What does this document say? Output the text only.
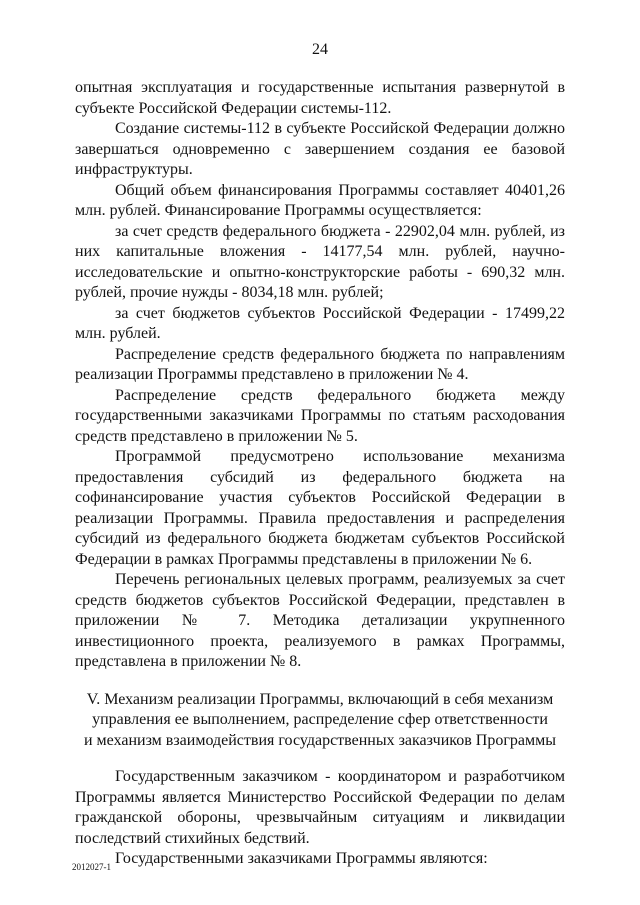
24

опытная эксплуатация и государственные испытания развернутой в субъекте Российской Федерации системы-112.

Создание системы-112 в субъекте Российской Федерации должно завершаться одновременно с завершением создания ее базовой инфраструктуры.

Общий объем финансирования Программы составляет 40401,26 млн. рублей. Финансирование Программы осуществляется:

за счет средств федерального бюджета - 22902,04 млн. рублей, из них капитальные вложения - 14177,54 млн. рублей, научно-исследовательские и опытно-конструкторские работы - 690,32 млн. рублей, прочие нужды - 8034,18 млн. рублей;

за счет бюджетов субъектов Российской Федерации - 17499,22 млн. рублей.

Распределение средств федерального бюджета по направлениям реализации Программы представлено в приложении № 4.

Распределение средств федерального бюджета между государственными заказчиками Программы по статьям расходования средств представлено в приложении № 5.

Программой предусмотрено использование механизма предоставления субсидий из федерального бюджета на софинансирование участия субъектов Российской Федерации в реализации Программы. Правила предоставления и распределения субсидий из федерального бюджета бюджетам субъектов Российской Федерации в рамках Программы представлены в приложении № 6.

Перечень региональных целевых программ, реализуемых за счет средств бюджетов субъектов Российской Федерации, представлен в приложении № 7. Методика детализации укрупненного инвестиционного проекта, реализуемого в рамках Программы, представлена в приложении № 8.

V. Механизм реализации Программы, включающий в себя механизм
управления ее выполнением, распределение сфер ответственности
и механизм взаимодействия государственных заказчиков Программы

Государственным заказчиком - координатором и разработчиком Программы является Министерство Российской Федерации по делам гражданской обороны, чрезвычайным ситуациям и ликвидации последствий стихийных бедствий.

Государственными заказчиками Программы являются:

2012027-1
